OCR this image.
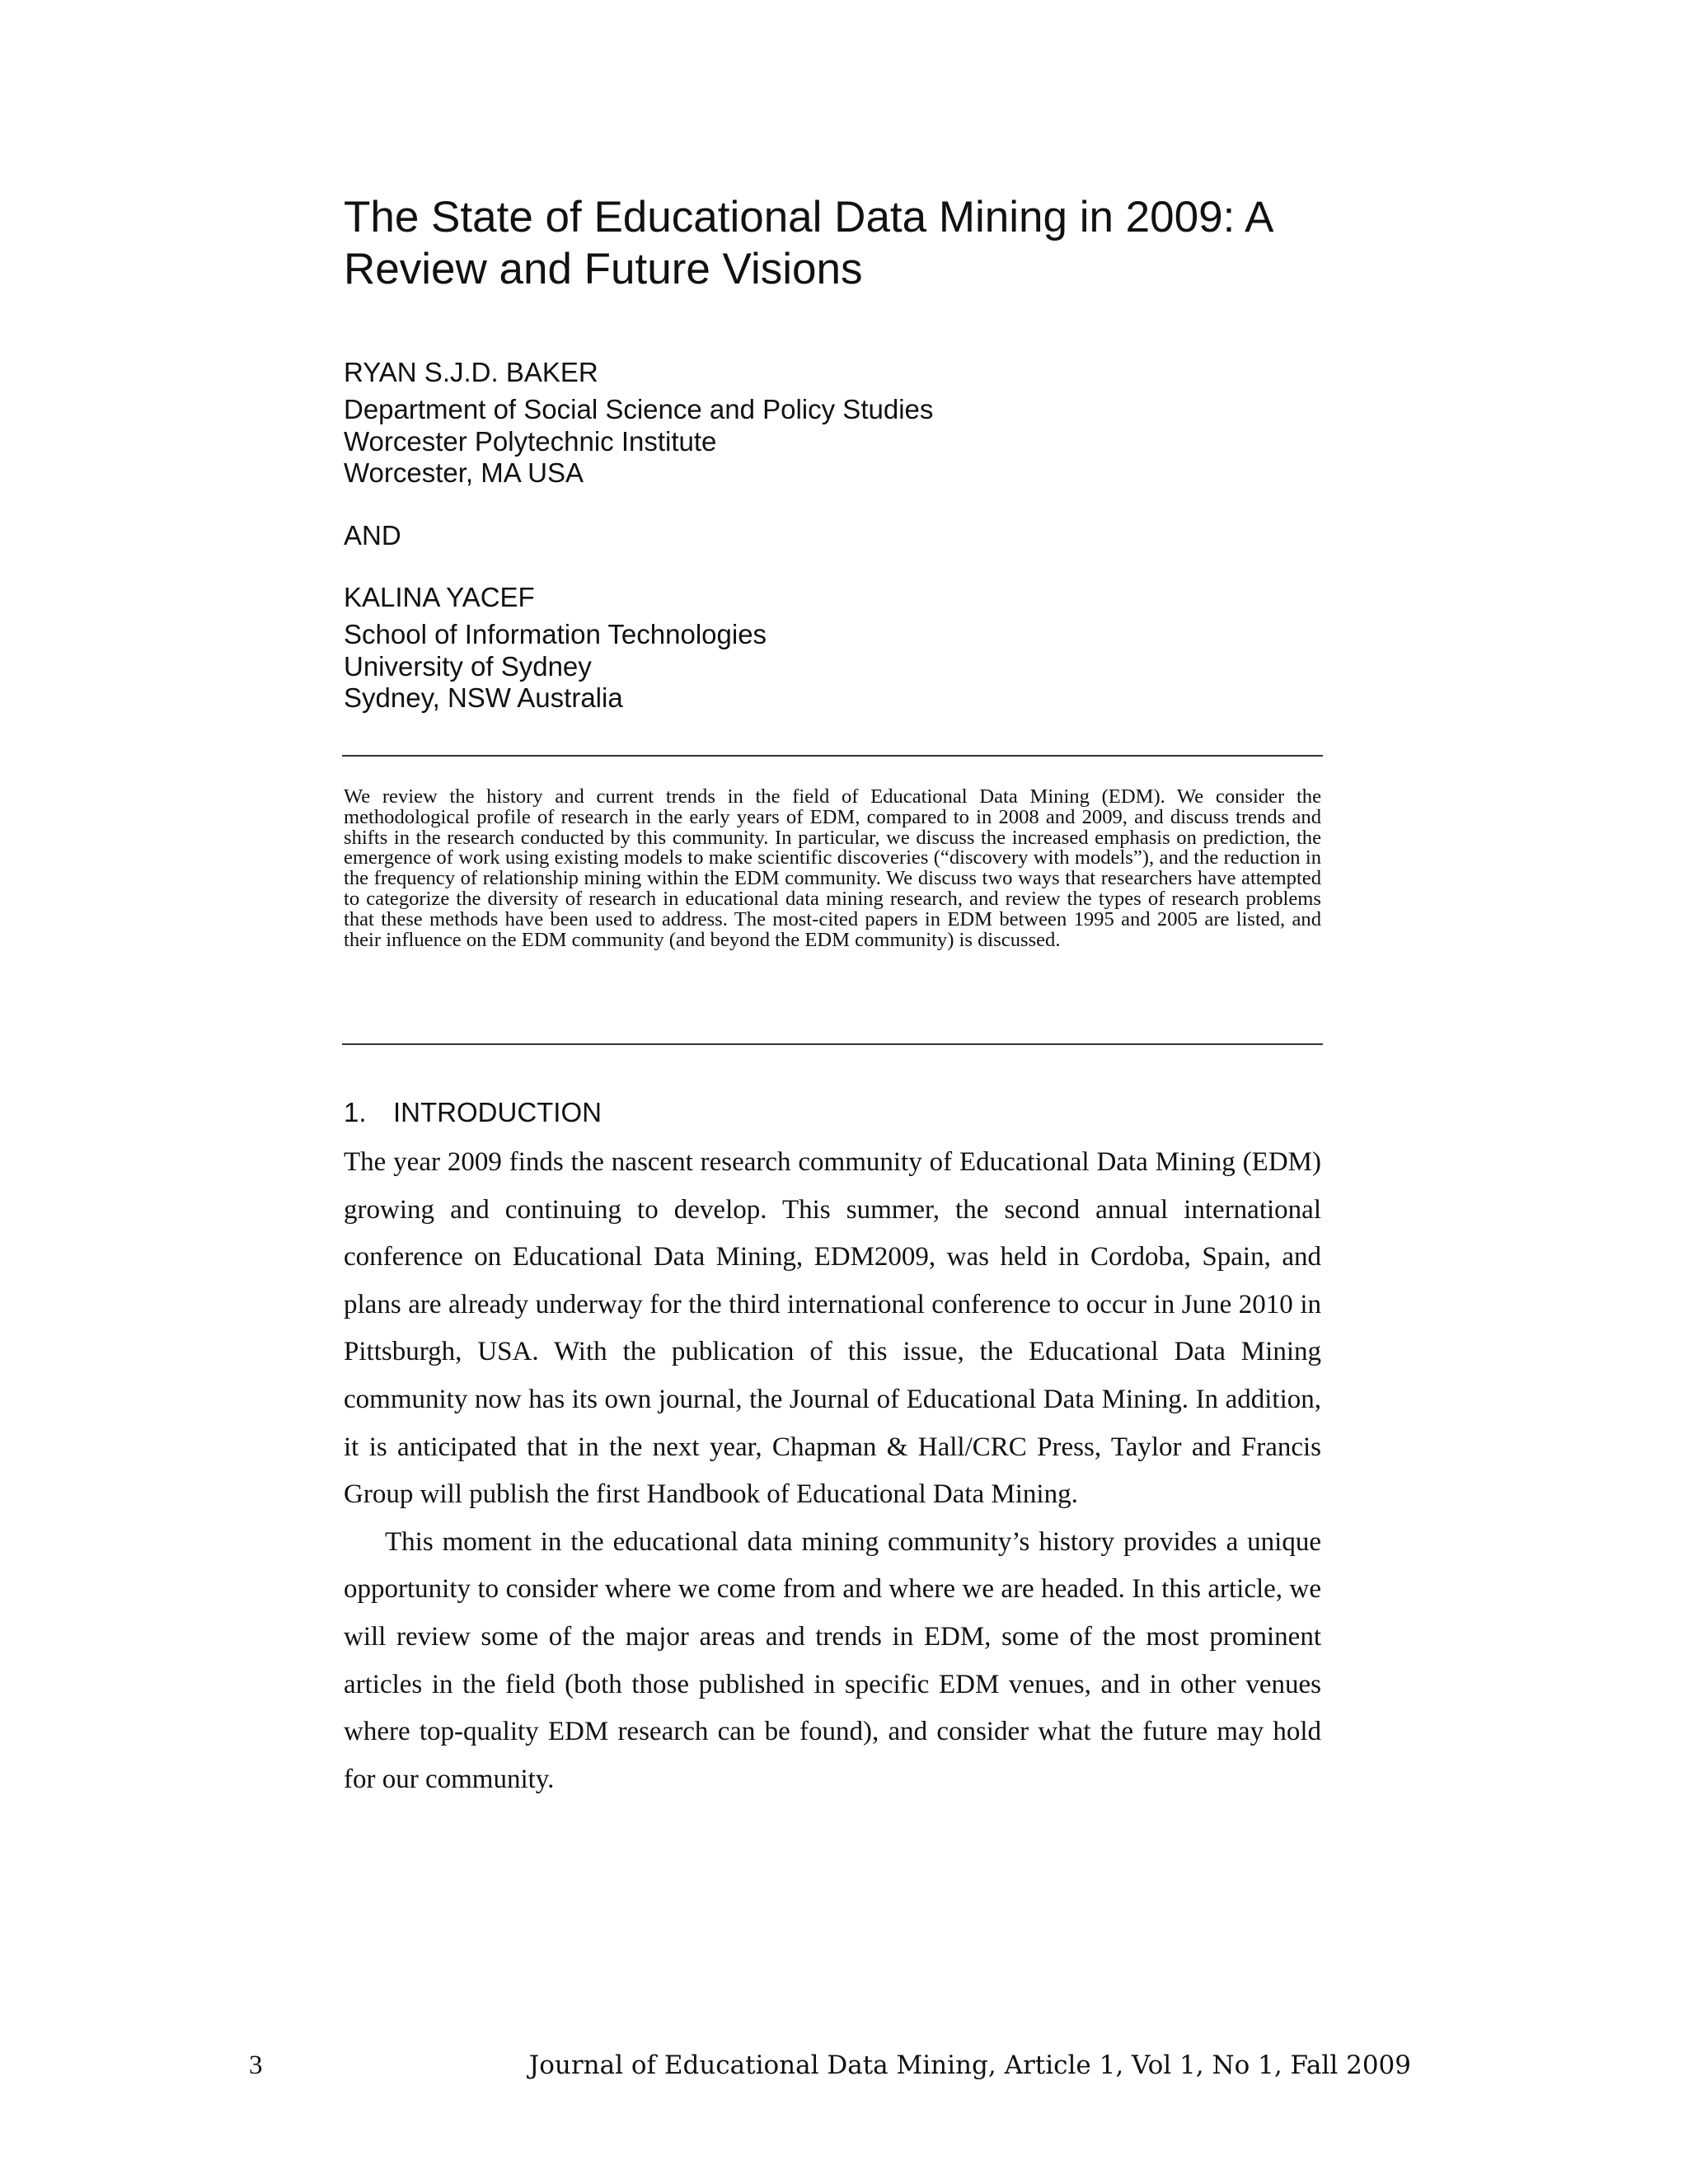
The State of Educational Data Mining in 2009: A Review and Future Visions
RYAN S.J.D. BAKER
Department of Social Science and Policy Studies
Worcester Polytechnic Institute
Worcester, MA USA
AND
KALINA YACEF
School of Information Technologies
University of Sydney
Sydney, NSW Australia

We review the history and current trends in the field of Educational Data Mining (EDM). We consider the methodological profile of research in the early years of EDM, compared to in 2008 and 2009, and discuss trends and shifts in the research conducted by this community. In particular, we discuss the increased emphasis on prediction, the emergence of work using existing models to make scientific discoveries (“discovery with models”), and the reduction in the frequency of relationship mining within the EDM community. We discuss two ways that researchers have attempted to categorize the diversity of research in educational data mining research, and review the types of research problems that these methods have been used to address. The most-cited papers in EDM between 1995 and 2005 are listed, and their influence on the EDM community (and beyond the EDM community) is discussed.

1. INTRODUCTION

The year 2009 finds the nascent research community of Educational Data Mining (EDM) growing and continuing to develop. This summer, the second annual international conference on Educational Data Mining, EDM2009, was held in Cordoba, Spain, and plans are already underway for the third international conference to occur in June 2010 in Pittsburgh, USA. With the publication of this issue, the Educational Data Mining community now has its own journal, the Journal of Educational Data Mining. In addition, it is anticipated that in the next year, Chapman & Hall/CRC Press, Taylor and Francis Group will publish the first Handbook of Educational Data Mining.

This moment in the educational data mining community’s history provides a unique opportunity to consider where we come from and where we are headed. In this article, we will review some of the major areas and trends in EDM, some of the most prominent articles in the field (both those published in specific EDM venues, and in other venues where top-quality EDM research can be found), and consider what the future may hold for our community.

3	Journal of Educational Data Mining, Article 1, Vol 1, No 1, Fall 2009
